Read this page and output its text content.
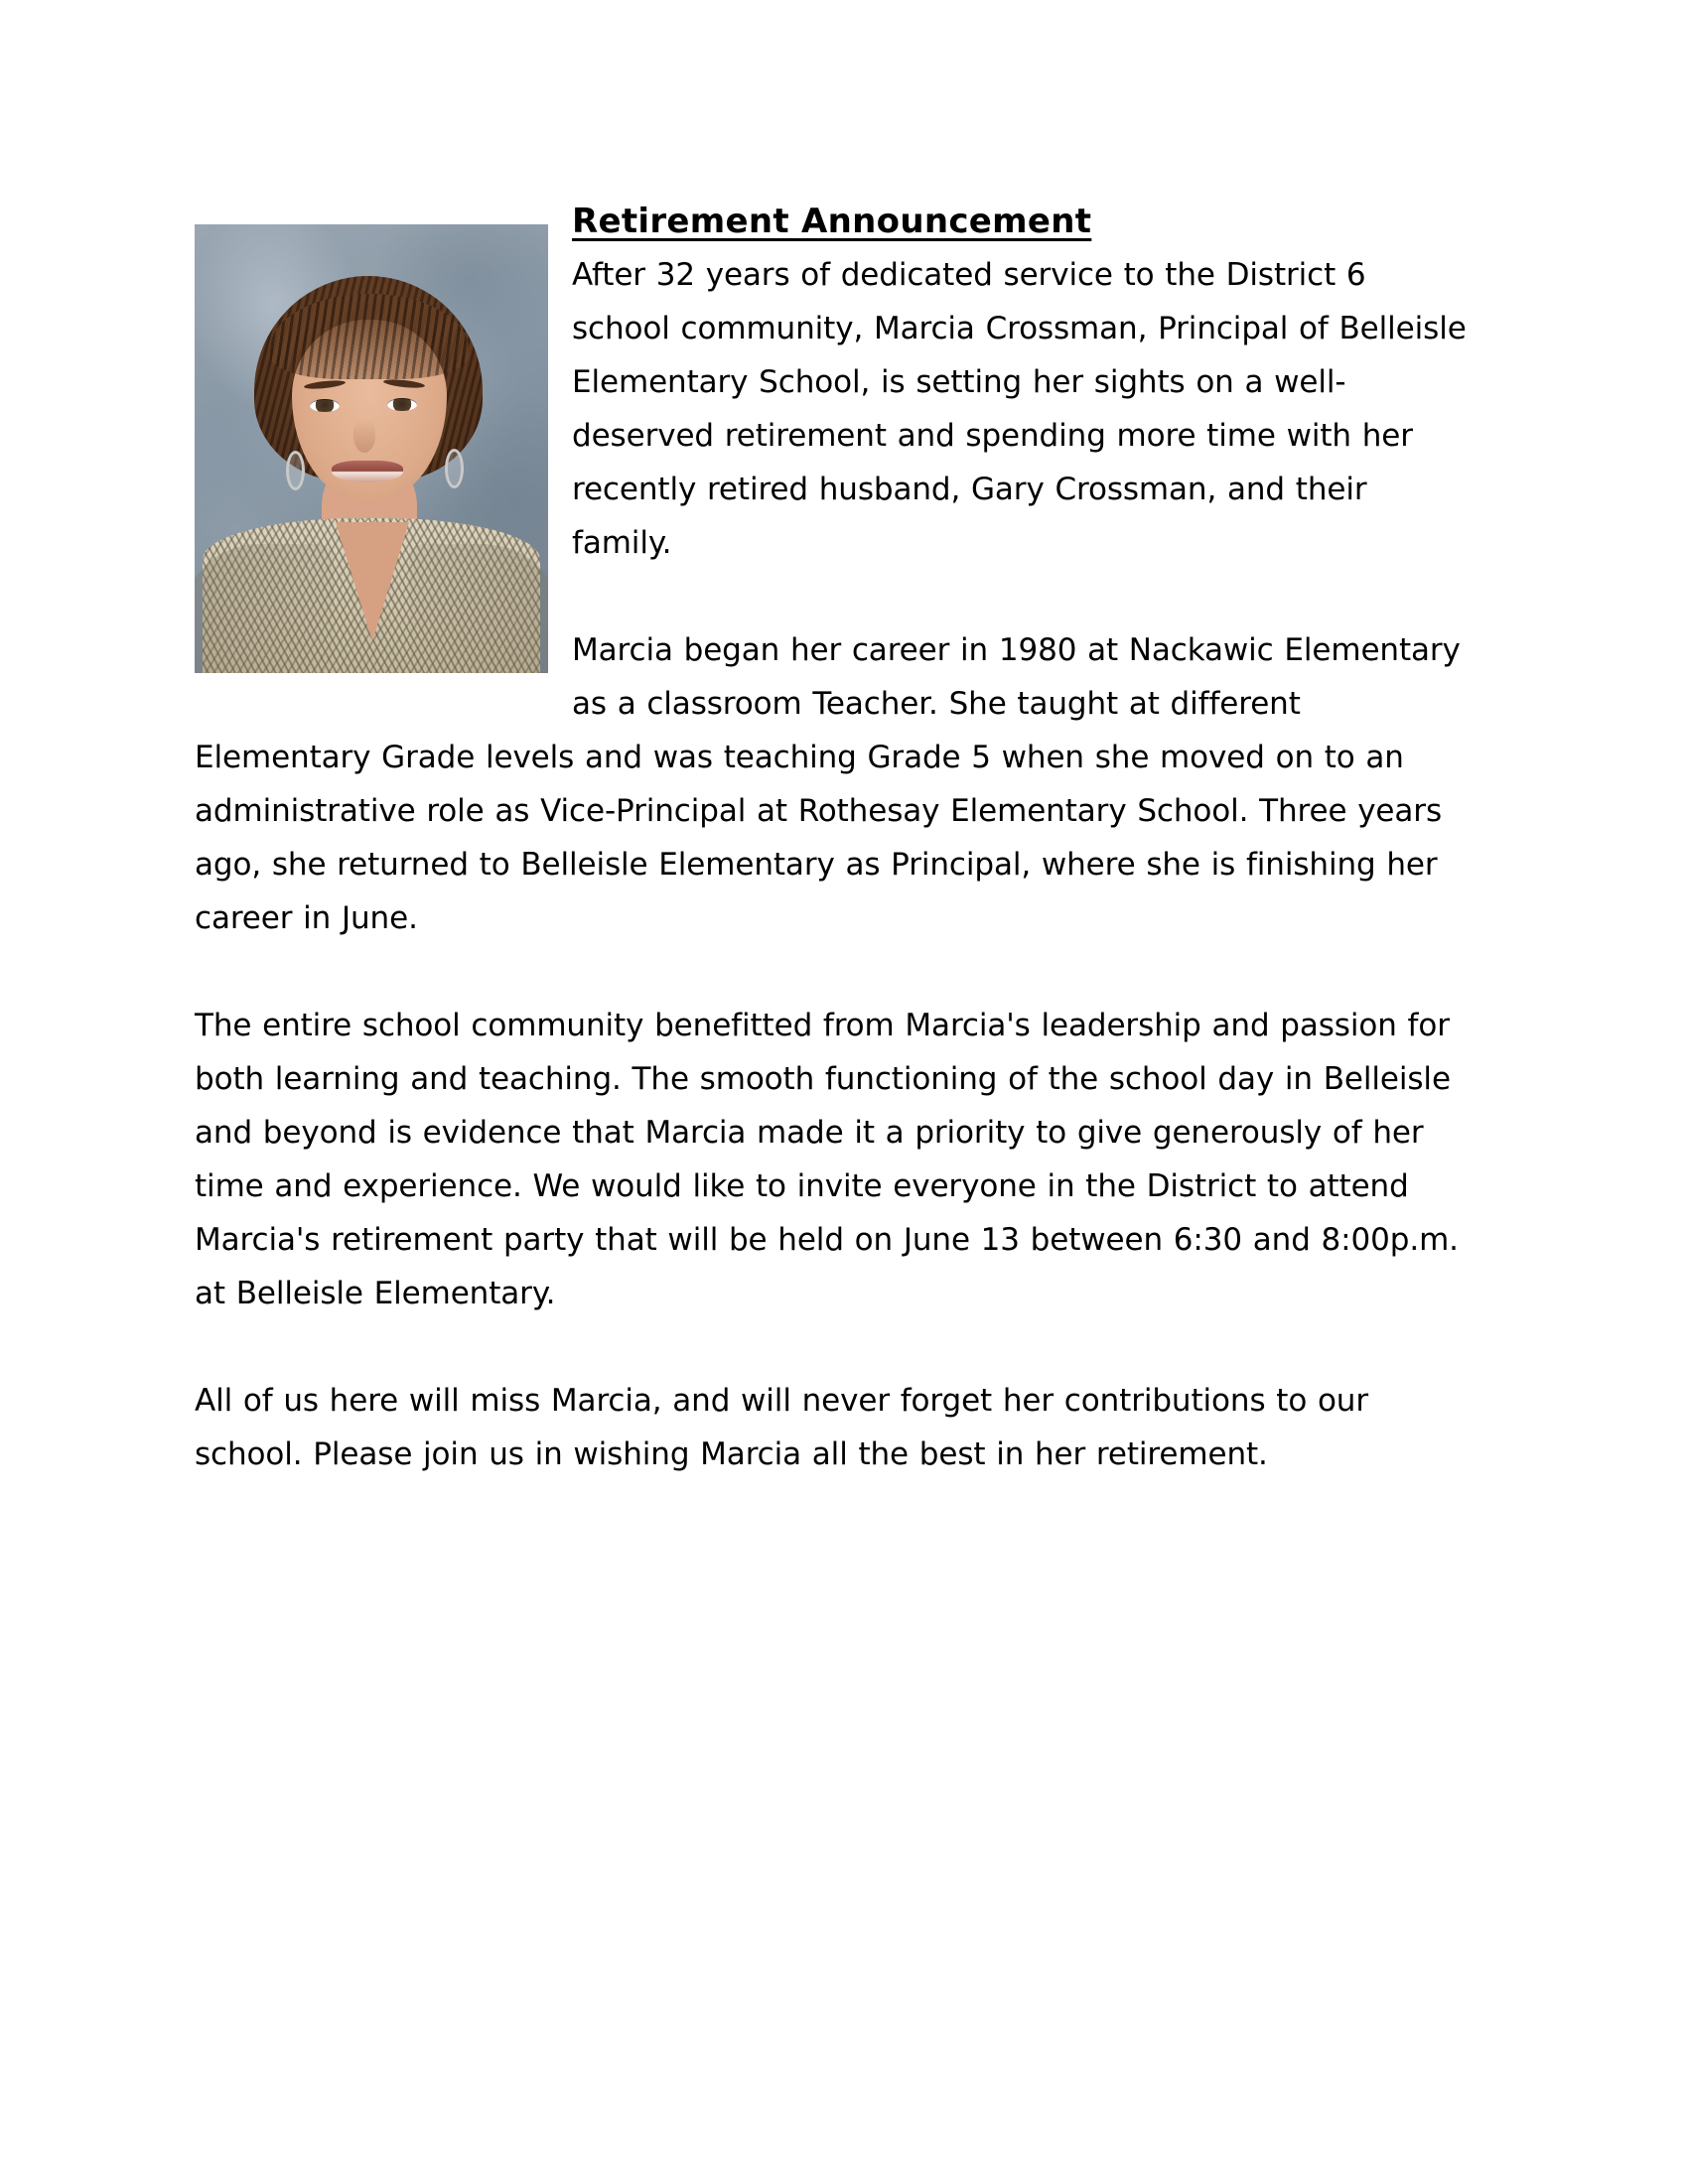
Retirement Announcement

After 32 years of dedicated service to the District 6 school community, Marcia Crossman, Principal of Belleisle Elementary School, is setting her sights on a well-deserved retirement and spending more time with her recently retired husband, Gary Crossman, and their family.

Marcia began her career in 1980 at Nackawic Elementary as a classroom Teacher. She taught at different Elementary Grade levels and was teaching Grade 5 when she moved on to an administrative role as Vice-Principal at Rothesay Elementary School. Three years ago, she returned to Belleisle Elementary as Principal, where she is finishing her career in June.

The entire school community benefitted from Marcia's leadership and passion for both learning and teaching. The smooth functioning of the school day in Belleisle and beyond is evidence that Marcia made it a priority to give generously of her time and experience. We would like to invite everyone in the District to attend Marcia's retirement party that will be held on June 13 between 6:30 and 8:00p.m. at Belleisle Elementary.

All of us here will miss Marcia, and will never forget her contributions to our school. Please join us in wishing Marcia all the best in her retirement.
